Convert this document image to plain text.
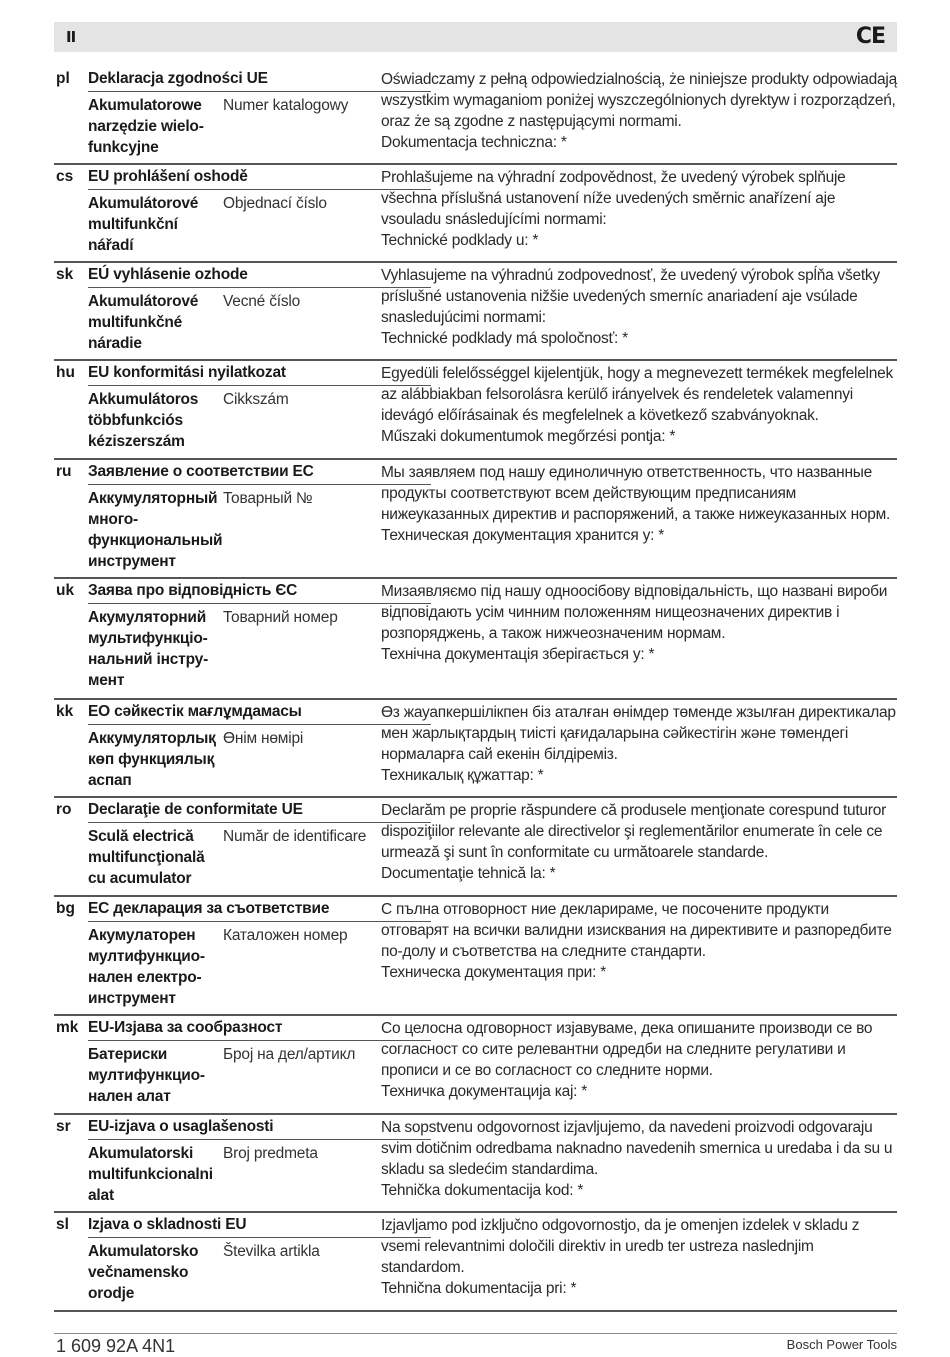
II	CE
pl Deklaracja zgodności UE
Akumulatorowe narzędzie wielofunkcyjne
Numer katalogowy
Oświadczamy z pełną odpowiedzialnością, że niniejsze produkty odpowiadają wszystkim wymaganiom poniżej wyszczególnionych dyrektyw i rozporządzeń, oraz że są zgodne z następującymi normami.
Dokumentacja techniczna: *
cs EU prohlášení oshodě
Akumulátorové multifunkční nářadí
Objednací číslo
Prohlašujeme na výhradní zodpovědnost, že uvedený výrobek splňuje všechna příslušná ustanovení níže uvedených směrnic anařízení aje vsouladu snásledujícími normami:
Technické podklady u: *
sk EÚ vyhlásenie ozhode
Akumulátorové multifunkčné náradie
Vecné číslo
Vyhlasujeme na výhradnú zodpovednosť, že uvedený výrobok spĺňa všetky príslušné ustanovenia nižšie uvedených smerníc anariadení aje vsúlade snasledujúcimi normami:
Technické podklady má spoločnosť: *
hu EU konformitási nyilatkozat
Akkumulátoros többfunkciós kéziszerszám
Cikkszám
Egyedüli felelősséggel kijelentjük, hogy a megnevezett termékek megfelelnek az alábbiakban felsorolásra kerülő irányelvek és rendeletek valamennyi idevágó előírásainak és megfelelnek a következő szabványoknak.
Műszaki dokumentumok megőrzési pontja: *
ru Заявление о соответствии ЕС
Аккумуляторный многофункциональный инструмент
Товарный №
Мы заявляем под нашу единоличную ответственность, что названные продукты соответствуют всем действующим предписаниям нижеуказанных директив и распоряжений, а также нижеуказанных норм.
Техническая документация хранится у: *
uk Заява про відповідність ЄС
Акумуляторний мультифункціональний інструмент
Товарний номер
Мизаявляємо під нашу одноосібову відповідальність, що названі вироби відповідають усім чинним положенням нищеозначених директив і розпоряджень, а також нижчеозначеним нормам.
Технічна документація зберігається у: *
kk ЕО сәйкестік мағлұмдамасы
Аккумуляторлық көп функциялық аспап
Өнім нөмірі
Өз жауапкершілікпен біз аталған өнімдер төменде жзылған директикалар мен жарлықтардың тиісті қағидаларына сәйкестігін және төмендегі нормаларға сай екенін білдіреміз.
Техникалық құжаттар: *
ro Declaraţie de conformitate UE
Sculă electrică multifuncţională cu acumulator
Număr de identificare
Declarăm pe proprie răspundere că produsele menţionate corespund tuturor dispoziţiilor relevante ale directivelor şi reglementărilor enumerate în cele ce urmează şi sunt în conformitate cu următoarele standarde.
Documentaţie tehnică la: *
bg ЕС декларация за съответствие
Акумулаторен мултифункционален електроинструмент
Каталожен номер
С пълна отговорност ние декларираме, че посочените продукти отговарят на всички валидни изисквания на директивите и разпоредбите по-долу и съответства на следните стандарти.
Техническа документация при: *
mk EU-Изјава за сообразност
Батериски мултифункционален алат
Број на дел/артикл
Со целосна одговорност изјавуваме, дека опишаните производи се во согласност со сите релевантни одредби на следните регулативи и прописи и се во согласност со следните норми.
Техничка документација кај: *
sr EU-izjava o usaglašenosti
Akumulatorski multifunkcionalni alat
Broj predmeta
Na sopstvenu odgovornost izjavljujemo, da navedeni proizvodi odgovaraju svim dotičnim odredbama naknadno navedenih smernica u uredaba i da su u skladu sa sledećim standardima.
Tehnička dokumentacija kod: *
sl Izjava o skladnosti EU
Akumulatorsko večnamensko orodje
Številka artikla
Izjavljamo pod izključno odgovornostjo, da je omenjen izdelek v skladu z vsemi relevantnimi določili direktiv in uredb ter ustreza naslednjim standardom.
Tehnična dokumentacija pri: *
1 609 92A 4N1	Bosch Power Tools
